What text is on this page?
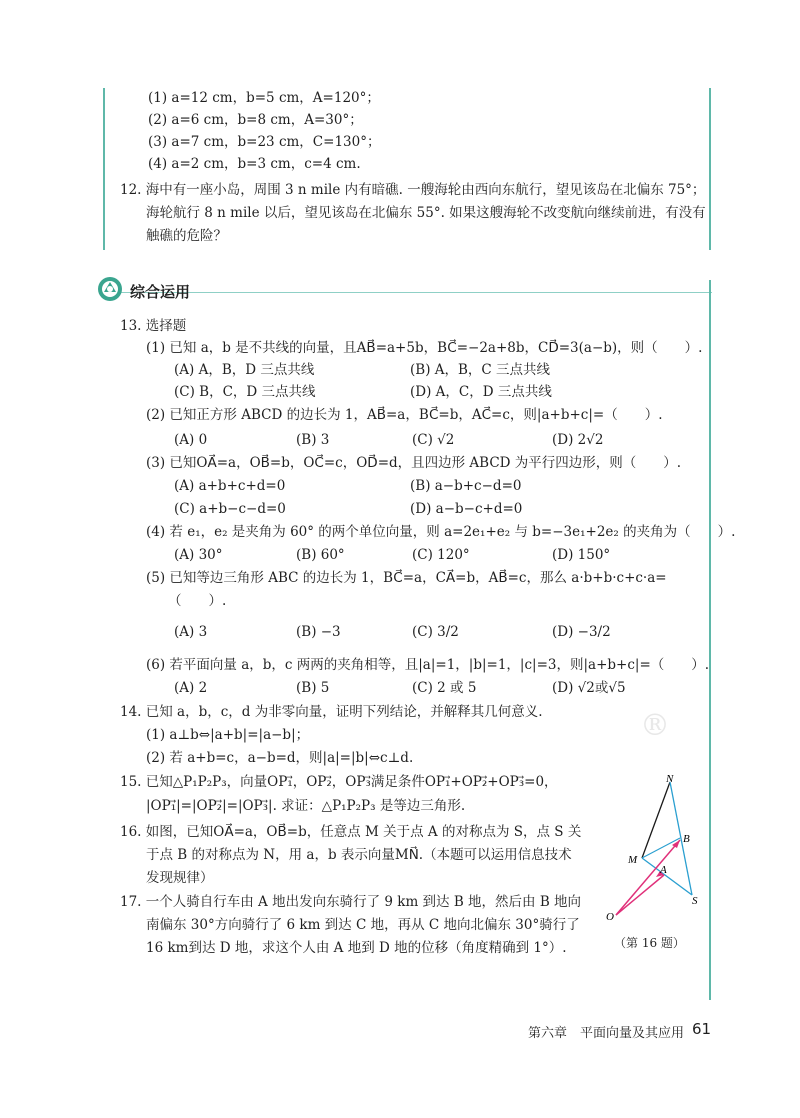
®
(1) a=12 cm，b=5 cm，A=120°；
(2) a=6 cm，b=8 cm，A=30°；
(3) a=7 cm，b=23 cm，C=130°；
(4) a=2 cm，b=3 cm，c=4 cm.
12. 海中有一座小岛，周围 3 n mile 内有暗礁. 一艘海轮由西向东航行，望见该岛在北偏东 75°；
海轮航行 8 n mile 以后，望见该岛在北偏东 55°. 如果这艘海轮不改变航向继续前进，有没有
触礁的危险？
综合运用
13. 选择题
(1) 已知 a，b 是不共线的向量，且AB⃗=a+5b，BC⃗=−2a+8b，CD⃗=3(a−b)，则（　　）.
(A) A，B，D 三点共线	(B) A，B，C 三点共线
(C) B，C，D 三点共线	(D) A，C，D 三点共线
(2) 已知正方形 ABCD 的边长为 1，AB⃗=a，BC⃗=b，AC⃗=c，则|a+b+c|=（　　）.
(A) 0	(B) 3	(C) √2	(D) 2√2
(3) 已知OA⃗=a，OB⃗=b，OC⃗=c，OD⃗=d，且四边形 ABCD 为平行四边形，则（　　）.
(A) a+b+c+d=0	(B) a−b+c−d=0
(C) a+b−c−d=0	(D) a−b−c+d=0
(4) 若 e₁，e₂ 是夹角为 60° 的两个单位向量，则 a=2e₁+e₂ 与 b=−3e₁+2e₂ 的夹角为（　　）.
(A) 30°	(B) 60°	(C) 120°	(D) 150°
(5) 已知等边三角形 ABC 的边长为 1，BC⃗=a，CA⃗=b，AB⃗=c，那么 a·b+b·c+c·a=
（　　）.
(A) 3	(B) −3	(C) 3/2	(D) −3/2
(6) 若平面向量 a，b，c 两两的夹角相等，且|a|=1，|b|=1，|c|=3，则|a+b+c|=（　　）.
(A) 2	(B) 5	(C) 2 或 5	(D) √2或√5
14. 已知 a，b，c，d 为非零向量，证明下列结论，并解释其几何意义.
(1) a⊥b⇔|a+b|=|a−b|；
(2) 若 a+b=c，a−b=d，则|a|=|b|⇔c⊥d.
15. 已知△P₁P₂P₃，向量OP₁⃗，OP₂⃗，OP₃⃗满足条件OP₁⃗+OP₂⃗+OP₃⃗=0，
|OP₁⃗|=|OP₂⃗|=|OP₃⃗|. 求证：△P₁P₂P₃ 是等边三角形.
16. 如图，已知OA⃗=a，OB⃗=b，任意点 M 关于点 A 的对称点为 S，点 S 关
于点 B 的对称点为 N，用 a，b 表示向量MN⃗.（本题可以运用信息技术
发现规律）
17. 一个人骑自行车由 A 地出发向东骑行了 9 km 到达 B 地，然后由 B 地向
南偏东 30°方向骑行了 6 km 到达 C 地，再从 C 地向北偏东 30°骑行了
16 km到达 D 地，求这个人由 A 地到 D 地的位移（角度精确到 1°）.
N
B
M
A
S
O
（第 16 题）
第六章　平面向量及其应用 61
